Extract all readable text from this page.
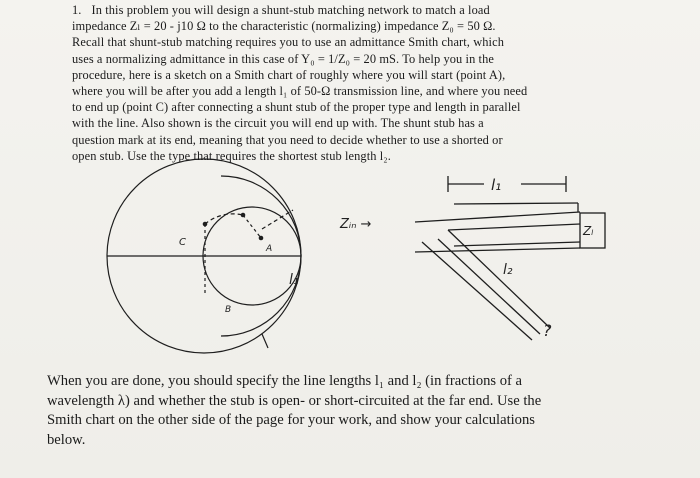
1. In this problem you will design a shunt-stub matching network to match a load
impedance Zₗ = 20 - j10 Ω to the characteristic (normalizing) impedance Z₀ = 50 Ω.
Recall that shunt-stub matching requires you to use an admittance Smith chart, which
uses a normalizing admittance in this case of Y₀ = 1/Z₀ = 20 mS. To help you in the
procedure, here is a sketch on a Smith chart of roughly where you will start (point A),
where you will be after you add a length l₁ of 50-Ω transmission line, and where you need
to end up (point C) after connecting a shunt stub of the proper type and length in parallel
with the line. Also shown is the circuit you will end up with. The shunt stub has a
question mark at its end, meaning that you need to decide whether to use a shorted or
open stub. Use the type that requires the shortest stub length l₂.
C
A
B
l₁
l₁
Zᵢₙ →	Zₗ
l₂
?
When you are done, you should specify the line lengths l₁ and l₂ (in fractions of a
wavelength λ) and whether the stub is open- or short-circuited at the far end. Use the
Smith chart on the other side of the page for your work, and show your calculations
below.
